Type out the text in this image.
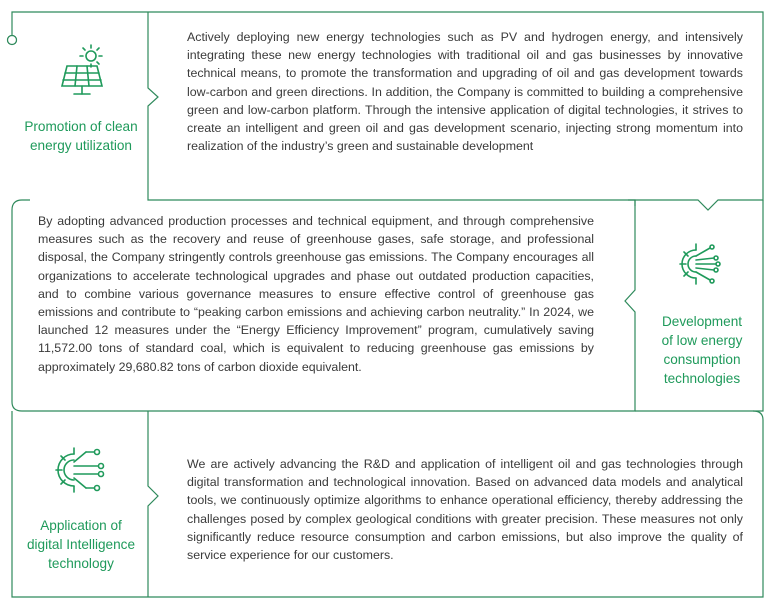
Promotion of clean
energy utilization

Actively deploying new energy technologies such as PV and hydrogen energy, and intensively integrating these new energy technologies with traditional oil and gas businesses by innovative technical means, to promote the transformation and upgrading of oil and gas development towards low-carbon and green directions. In addition, the Company is committed to building a comprehensive green and low-carbon platform. Through the intensive application of digital technologies, it strives to create an intelligent and green oil and gas development scenario, injecting strong momentum into realization of the industry’s green and sustainable development

By adopting advanced production processes and technical equipment, and through comprehensive measures such as the recovery and reuse of greenhouse gases, safe storage, and professional disposal, the Company stringently controls greenhouse gas emissions. The Company encourages all organizations to accelerate technological upgrades and phase out outdated production capacities, and to combine various governance measures to ensure effective control of greenhouse gas emissions and contribute to “peaking carbon emissions and achieving carbon neutrality.” In 2024, we launched 12 measures under the “Energy Efficiency Improvement” program, cumulatively saving 11,572.00 tons of standard coal, which is equivalent to reducing greenhouse gas emissions by approximately 29,680.82 tons of carbon dioxide equivalent.

Development
of low energy
consumption
technologies
Application of
digital Intelligence
technology

We are actively advancing the R&D and application of intelligent oil and gas technologies through digital transformation and technological innovation. Based on advanced data models and analytical tools, we continuously optimize algorithms to enhance operational efficiency, thereby addressing the challenges posed by complex geological conditions with greater precision. These measures not only significantly reduce resource consumption and carbon emissions, but also improve the quality of service experience for our customers.
